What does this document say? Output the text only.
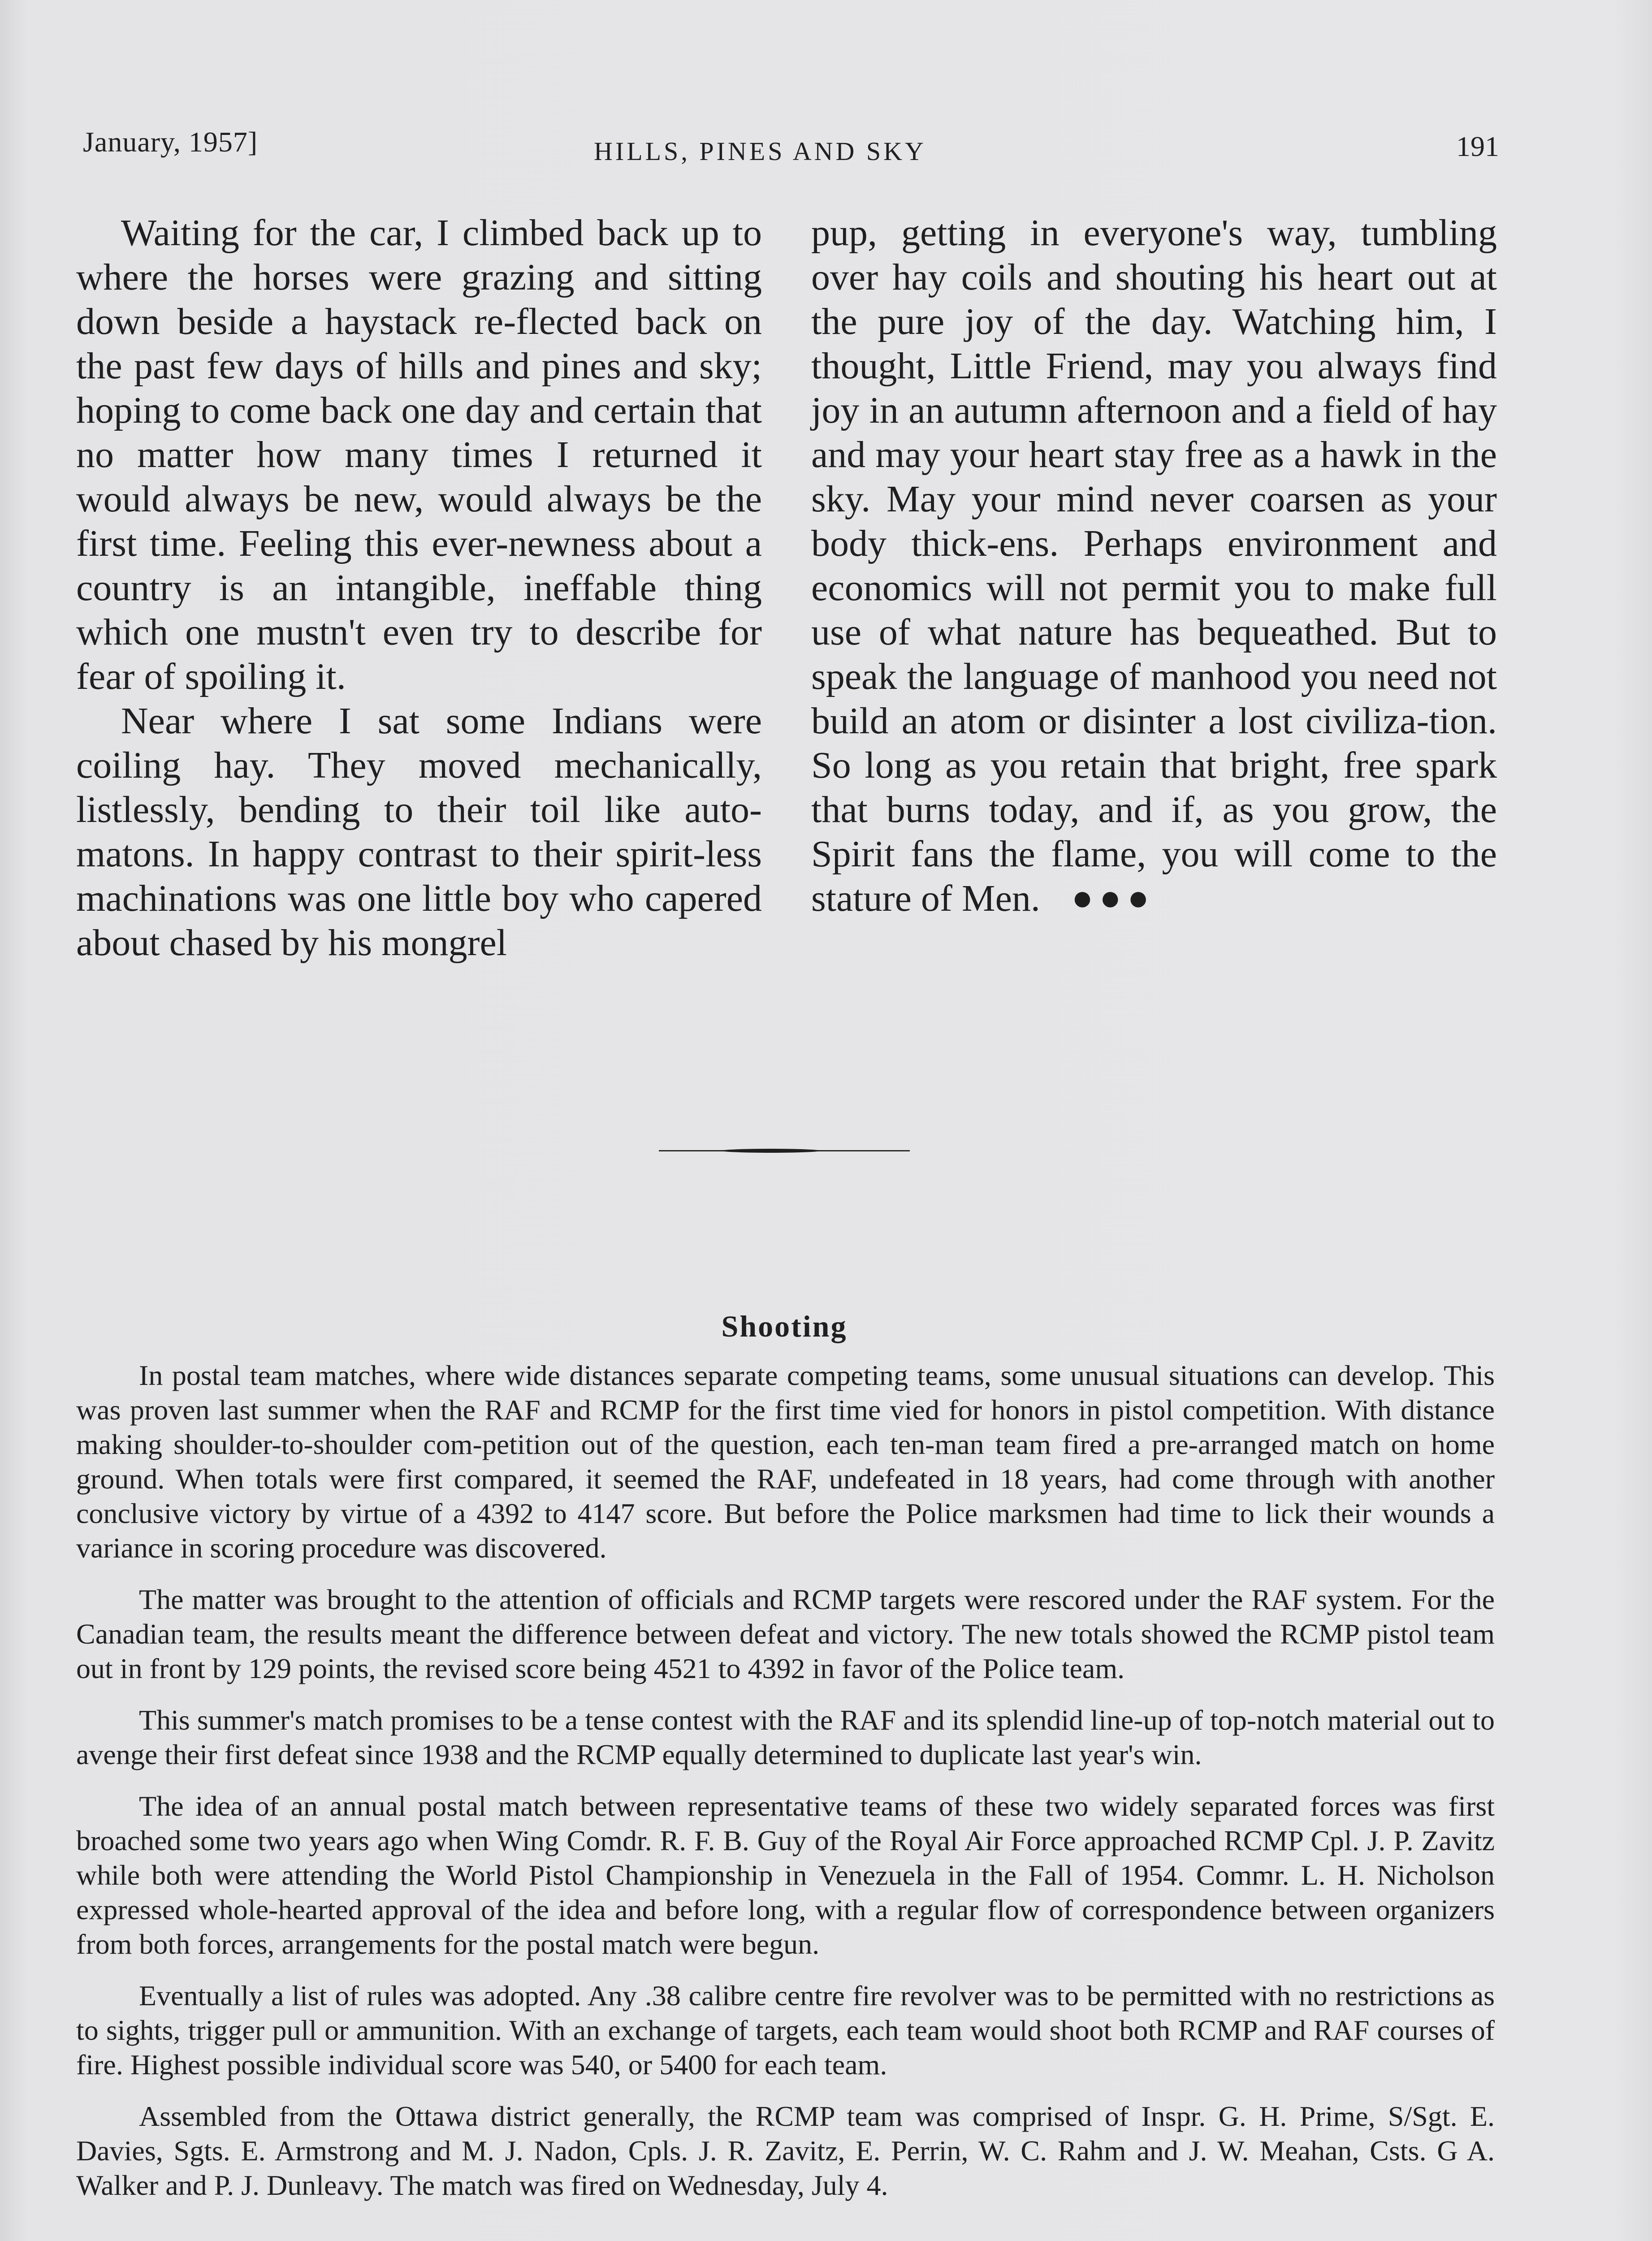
January, 1957]	HILLS, PINES AND SKY	191

Waiting for the car, I climbed back up to where the horses were grazing and sitting down beside a haystack re-flected back on the past few days of hills and pines and sky; hoping to come back one day and certain that no matter how many times I returned it would always be new, would always be the first time. Feeling this ever-newness about a country is an intangible, ineffable thing which one mustn't even try to describe for fear of spoiling it.

Near where I sat some Indians were coiling hay. They moved mechanically, listlessly, bending to their toil like auto-matons. In happy contrast to their spirit-less machinations was one little boy who capered about chased by his mongrel

pup, getting in everyone's way, tumbling over hay coils and shouting his heart out at the pure joy of the day. Watching him, I thought, Little Friend, may you always find joy in an autumn afternoon and a field of hay and may your heart stay free as a hawk in the sky. May your mind never coarsen as your body thick-ens. Perhaps environment and economics will not permit you to make full use of what nature has bequeathed. But to speak the language of manhood you need not build an atom or disinter a lost civiliza-tion. So long as you retain that bright, free spark that burns today, and if, as you grow, the Spirit fans the flame, you will come to the stature of Men. ●●●

Shooting

In postal team matches, where wide distances separate competing teams, some unusual situations can develop. This was proven last summer when the RAF and RCMP for the first time vied for honors in pistol competition. With distance making shoulder-to-shoulder com-petition out of the question, each ten-man team fired a pre-arranged match on home ground. When totals were first compared, it seemed the RAF, undefeated in 18 years, had come through with another conclusive victory by virtue of a 4392 to 4147 score. But before the Police marksmen had time to lick their wounds a variance in scoring procedure was discovered.

The matter was brought to the attention of officials and RCMP targets were rescored under the RAF system. For the Canadian team, the results meant the difference between defeat and victory. The new totals showed the RCMP pistol team out in front by 129 points, the revised score being 4521 to 4392 in favor of the Police team.

This summer's match promises to be a tense contest with the RAF and its splendid line-up of top-notch material out to avenge their first defeat since 1938 and the RCMP equally determined to duplicate last year's win.

The idea of an annual postal match between representative teams of these two widely separated forces was first broached some two years ago when Wing Comdr. R. F. B. Guy of the Royal Air Force approached RCMP Cpl. J. P. Zavitz while both were attending the World Pistol Championship in Venezuela in the Fall of 1954. Commr. L. H. Nicholson expressed whole-hearted approval of the idea and before long, with a regular flow of correspondence between organizers from both forces, arrangements for the postal match were begun.

Eventually a list of rules was adopted. Any .38 calibre centre fire revolver was to be permitted with no restrictions as to sights, trigger pull or ammunition. With an exchange of targets, each team would shoot both RCMP and RAF courses of fire. Highest possible individual score was 540, or 5400 for each team.

Assembled from the Ottawa district generally, the RCMP team was comprised of Inspr. G. H. Prime, S/Sgt. E. Davies, Sgts. E. Armstrong and M. J. Nadon, Cpls. J. R. Zavitz, E. Perrin, W. C. Rahm and J. W. Meahan, Csts. G A. Walker and P. J. Dunleavy. The match was fired on Wednesday, July 4.
